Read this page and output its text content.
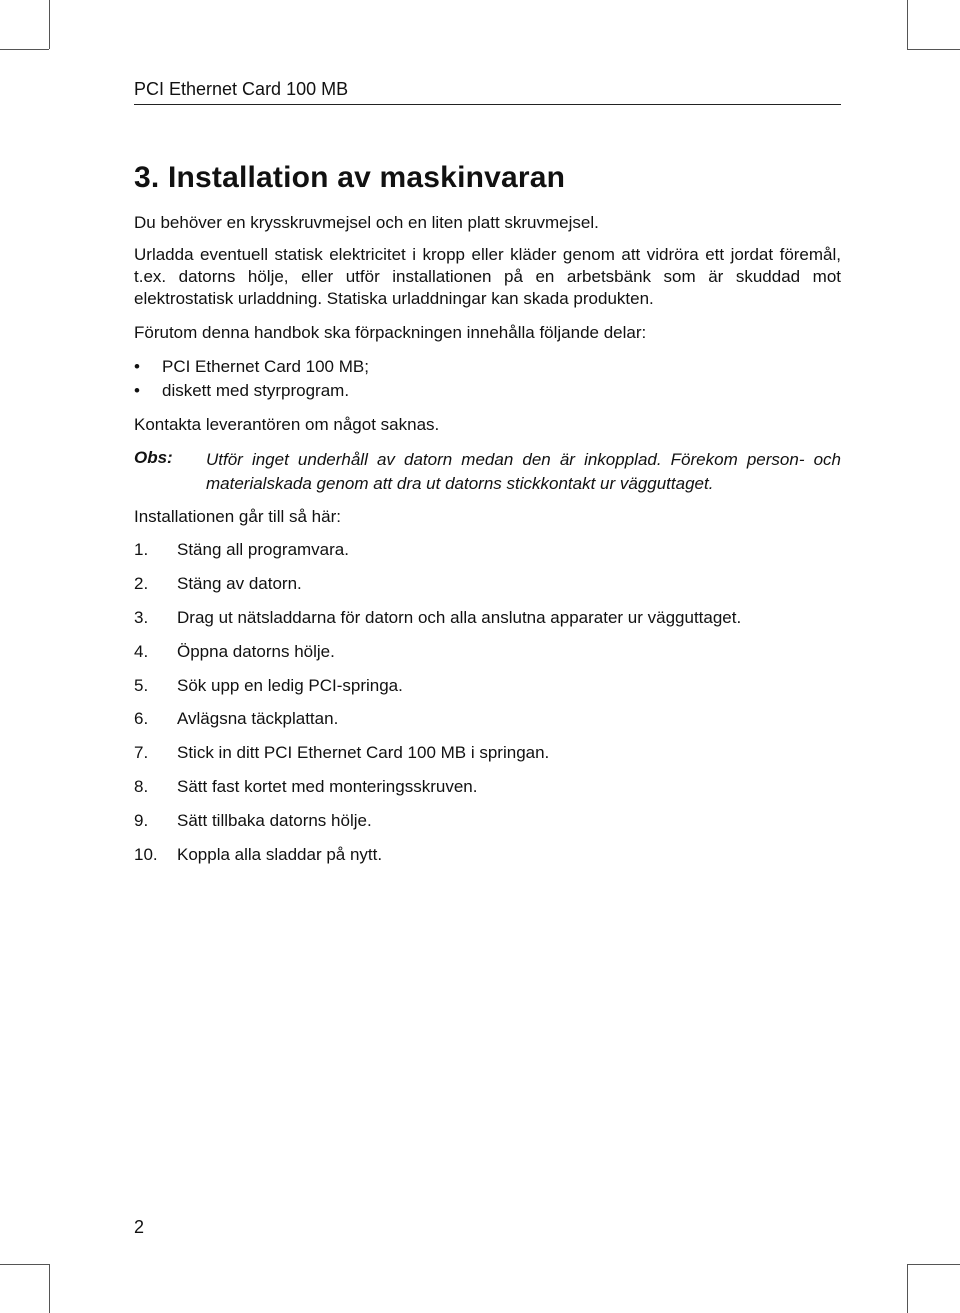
PCI Ethernet Card 100 MB
3. Installation av maskinvaran

Du behöver en krysskruvmejsel och en liten platt skruvmejsel.

Urladda eventuell statisk elektricitet i kropp eller kläder genom att vidröra ett jordat föremål, t.ex. datorns hölje, eller utför installationen på en arbetsbänk som är skuddad mot elektrostatisk urladdning. Statiska urladdningar kan skada produkten.

Förutom denna handbok ska förpackningen innehålla följande delar:

• PCI Ethernet Card 100 MB;
• diskett med styrprogram.

Kontakta leverantören om något saknas.

Obs: Utför inget underhåll av datorn medan den är inkopplad. Förekom person- och materialskada genom att dra ut datorns stickkontakt ur vägguttaget.

Installationen går till så här:

1. Stäng all programvara.
2. Stäng av datorn.
3. Drag ut nätsladdarna för datorn och alla anslutna apparater ur vägguttaget.
4. Öppna datorns hölje.
5. Sök upp en ledig PCI-springa.
6. Avlägsna täckplattan.
7. Stick in ditt PCI Ethernet Card 100 MB i springan.
8. Sätt fast kortet med monteringsskruven.
9. Sätt tillbaka datorns hölje.
10. Koppla alla sladdar på nytt.
2
